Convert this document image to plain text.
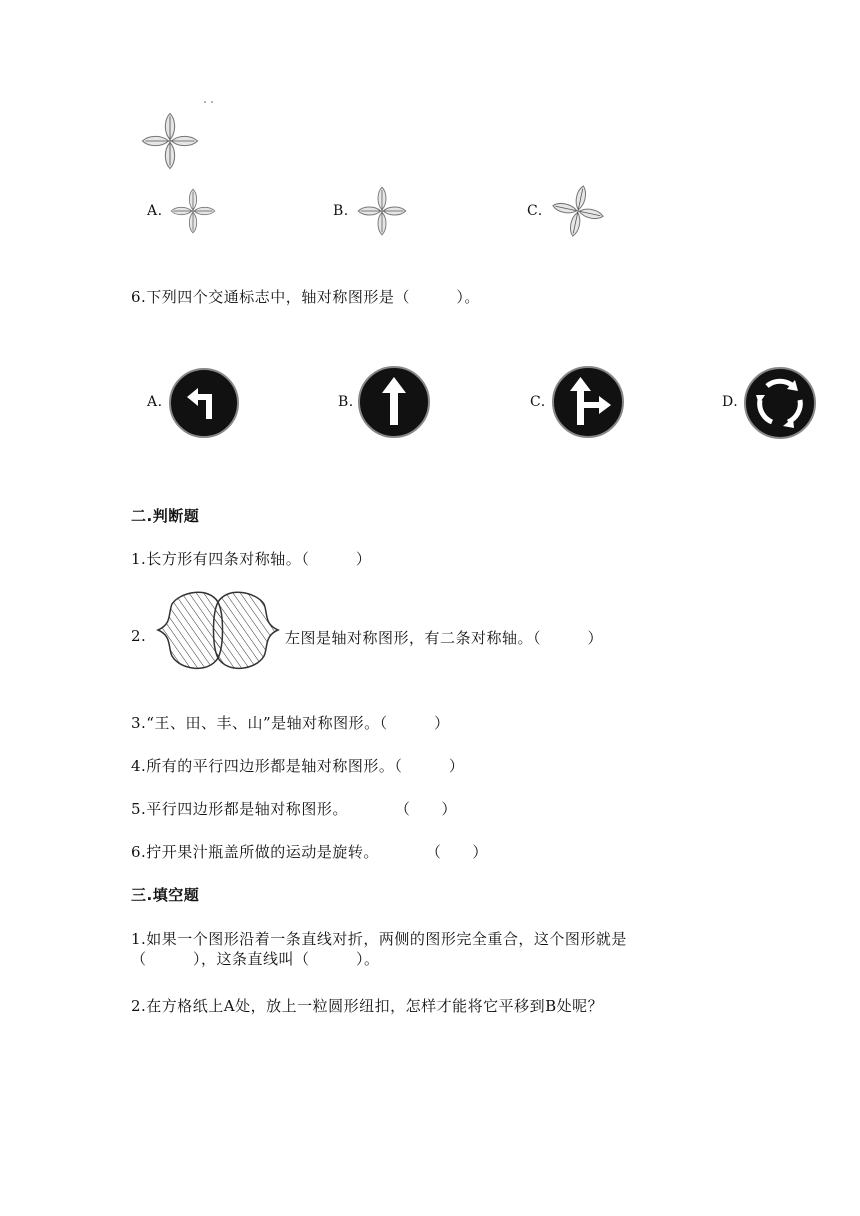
A.	B.	C.
6.下列四个交通标志中，轴对称图形是（　　　）。
A.	B.	C.	D.
二.判断题
1.长方形有四条对称轴。（　　　）
2.	左图是轴对称图形，有二条对称轴。（　　　）
3.“王、田、丰、山”是轴对称图形。（　　　）
4.所有的平行四边形都是轴对称图形。（　　　）
5.平行四边形都是轴对称图形。　　　　（　　）
6.拧开果汁瓶盖所做的运动是旋转。　　　　（　　）
三.填空题
1.如果一个图形沿着一条直线对折，两侧的图形完全重合，这个图形就是
（　　　），这条直线叫（　　　）。
2.在方格纸上A处，放上一粒圆形纽扣，怎样才能将它平移到B处呢？
